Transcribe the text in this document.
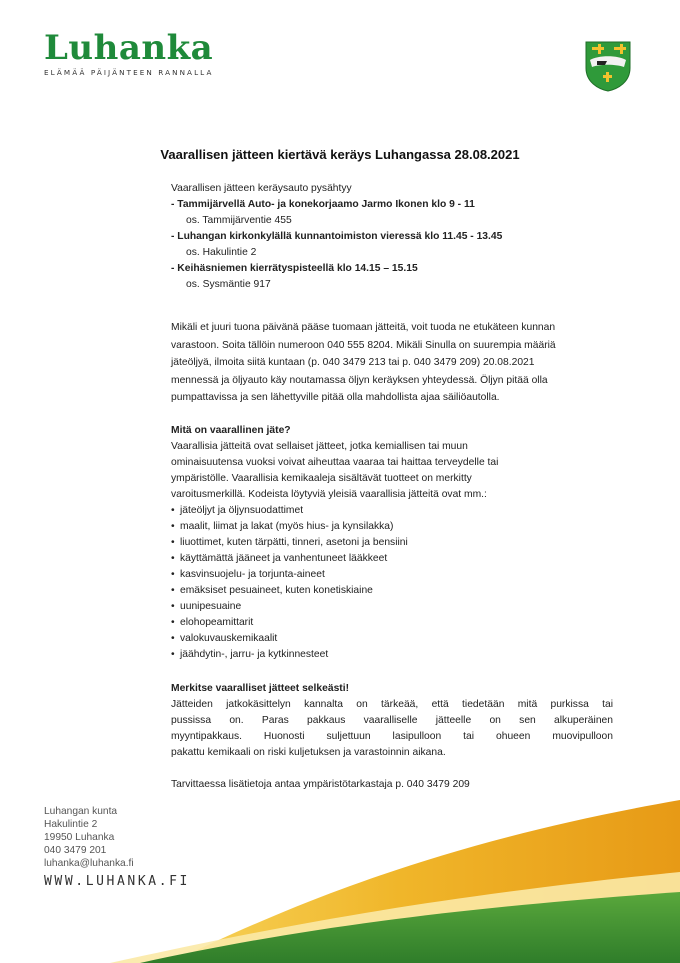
Luhanka
ELÄMÄÄ PÄIJÄNTEEN RANNALLA
Vaarallisen jätteen kiertävä keräys Luhangassa 28.08.2021
Vaarallisen jätteen keräysauto pysähtyy
- Tammijärvellä Auto- ja konekorjaamo Jarmo Ikonen klo 9 - 11
os. Tammijärventie 455
- Luhangan kirkonkylällä kunnantoimiston vieressä klo 11.45 - 13.45
os. Hakulintie 2
- Keihäsniemen kierrätyspisteellä klo 14.15 – 15.15
os. Sysmäntie 917
Mikäli et juuri tuona päivänä pääse tuomaan jätteitä, voit tuoda ne etukäteen kunnan
varastoon. Soita tällöin numeroon 040 555 8204. Mikäli Sinulla on suurempia määriä
jäteöljyä, ilmoita siitä kuntaan (p. 040 3479 213 tai p. 040 3479 209) 20.08.2021
mennessä ja öljyauto käy noutamassa öljyn keräyksen yhteydessä. Öljyn pitää olla
pumpattavissa ja sen lähettyville pitää olla mahdollista ajaa säiliöautolla.
Mitä on vaarallinen jäte?
Vaarallisia jätteitä ovat sellaiset jätteet, jotka kemiallisen tai muun
ominaisuutensa vuoksi voivat aiheuttaa vaaraa tai haittaa terveydelle tai
ympäristölle. Vaarallisia kemikaaleja sisältävät tuotteet on merkitty
varoitusmerkillä. Kodeista löytyviä yleisiä vaarallisia jätteitä ovat mm.:
• jäteöljyt ja öljynsuodattimet
• maalit, liimat ja lakat (myös hius- ja kynsilakka)
• liuottimet, kuten tärpätti, tinneri, asetoni ja bensiini
• käyttämättä jääneet ja vanhentuneet lääkkeet
• kasvinsuojelu- ja torjunta-aineet
• emäksiset pesuaineet, kuten konetiskiaine
• uunipesuaine
• elohopeamittarit
• valokuvauskemikaalit
• jäähdytin-, jarru- ja kytkinnesteet
Merkitse vaaralliset jätteet selkeästi!
Jätteiden jatkokäsittelyn kannalta on tärkeää, että tiedetään mitä purkissa tai
pussissa on. Paras pakkaus vaaralliselle jätteelle on sen alkuperäinen
myyntipakkaus. Huonosti suljettuun lasipulloon tai ohueen muovipulloon
pakattu kemikaali on riski kuljetuksen ja varastoinnin aikana.
Tarvittaessa lisätietoja antaa ympäristötarkastaja p. 040 3479 209
Luhangan kunta
Hakulintie 2
19950 Luhanka
040 3479 201
luhanka@luhanka.fi
WWW.LUHANKA.FI
